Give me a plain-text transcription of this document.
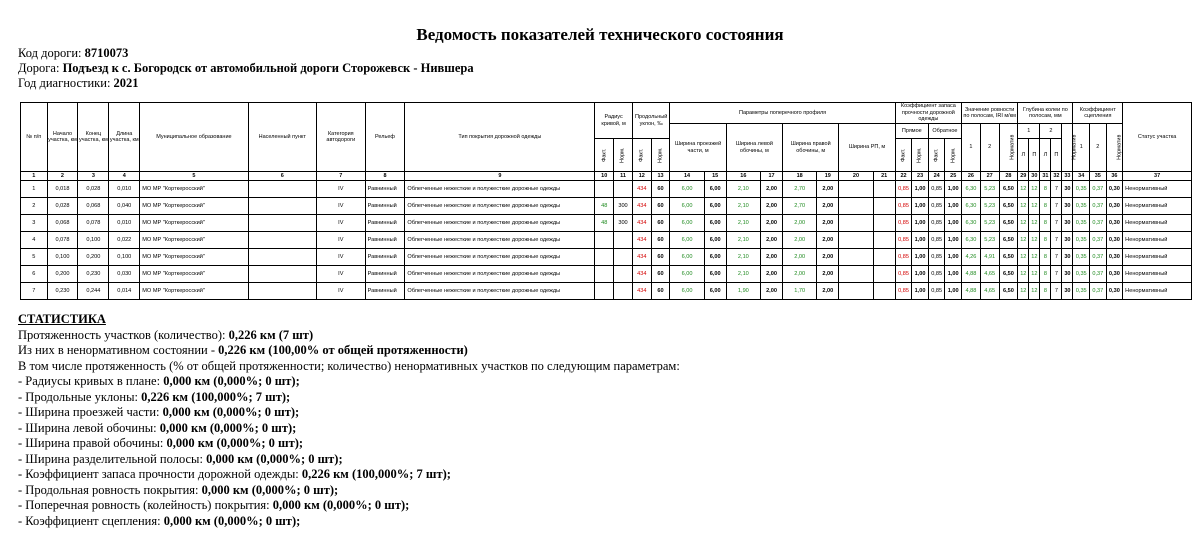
Ведомость показателей технического состояния
Код дороги: 8710073
Дорога: Подъезд к с. Богородск от автомобильной дороги Сторожевск - Нившера
Год диагностики: 2021
№ п/п	Начало участка, км	Конец участка, км	Длина участка, км	Муниципальное образование	Населенный пункт	Категория автодороги	Рельеф	Тип покрытия дорожной одежды	Радиус кривой, м		Продольный уклон, ‰		Параметры поперечного профиля								Коэффициент запаса прочности дорожной одежды				Значение ровности по полосам, IRI м/км			Глубина колеи по полосам, мм					Коэффициент сцепления			Статус участка
													Ширина проезжей части, м		Ширина левой обочины, м		Ширина правой обочины, м		Ширина РП, м		Прямое		Обратное		1	2	Норматив	1		2		Норматив	1	2	Норматив	
									Факт.	Норм.	Факт.	Норм.									Факт.	Норм.	Факт.	Норм.				Л	П	Л	П					
1	2	3	4	5	6	7	8	9	10	11	12	13	14	15	16	17	18	19	20	21	22	23	24	25	26	27	28	29	30	31	32	33	34	35	36	37
1	0,018	0,028	0,010	МО МР "Корткеросский"		IV	Равнинный	Облегченные нежесткие и полужесткие дорожные одежды			434	60	6,00	6,00	2,10	2,00	2,70	2,00			0,85	1,00	0,85	1,00	6,30	5,23	6,50	12	12	8	7	30	0,35	0,37	0,30	Ненормативный
2	0,028	0,068	0,040	МО МР "Корткеросский"		IV	Равнинный	Облегченные нежесткие и полужесткие дорожные одежды	48	300	434	60	6,00	6,00	2,10	2,00	2,70	2,00			0,85	1,00	0,85	1,00	6,30	5,23	6,50	12	12	8	7	30	0,35	0,37	0,30	Ненормативный
3	0,068	0,078	0,010	МО МР "Корткеросский"		IV	Равнинный	Облегченные нежесткие и полужесткие дорожные одежды	48	300	434	60	6,00	6,00	2,10	2,00	2,00	2,00			0,85	1,00	0,85	1,00	6,30	5,23	6,50	12	12	8	7	30	0,35	0,37	0,30	Ненормативный
4	0,078	0,100	0,022	МО МР "Корткеросский"		IV	Равнинный	Облегченные нежесткие и полужесткие дорожные одежды			434	60	6,00	6,00	2,10	2,00	2,00	2,00			0,85	1,00	0,85	1,00	6,30	5,23	6,50	12	12	8	7	30	0,35	0,37	0,30	Ненормативный
5	0,100	0,200	0,100	МО МР "Корткеросский"		IV	Равнинный	Облегченные нежесткие и полужесткие дорожные одежды			434	60	6,00	6,00	2,10	2,00	2,00	2,00			0,85	1,00	0,85	1,00	4,26	4,91	6,50	12	12	8	7	30	0,35	0,37	0,30	Ненормативный
6	0,200	0,230	0,030	МО МР "Корткеросский"		IV	Равнинный	Облегченные нежесткие и полужесткие дорожные одежды			434	60	6,00	6,00	2,10	2,00	2,00	2,00			0,85	1,00	0,85	1,00	4,88	4,65	6,50	12	12	8	7	30	0,35	0,37	0,30	Ненормативный
7	0,230	0,244	0,014	МО МР "Корткеросский"		IV	Равнинный	Облегченные нежесткие и полужесткие дорожные одежды			434	60	6,00	6,00	1,90	2,00	1,70	2,00			0,85	1,00	0,85	1,00	4,88	4,65	6,50	12	12	8	7	30	0,35	0,37	0,30	Ненормативный
СТАТИСТИКА
Протяженность участков (количество): 0,226 км (7 шт)
Из них в ненормативном состоянии - 0,226 км (100,00% от общей протяженности)
В том числе протяженность (% от общей протяженности; количество) ненормативных участков по следующим параметрам:
- Радиусы кривых в плане: 0,000 км (0,000%; 0 шт);
- Продольные уклоны: 0,226 км (100,000%; 7 шт);
- Ширина проезжей части: 0,000 км (0,000%; 0 шт);
- Ширина левой обочины: 0,000 км (0,000%; 0 шт);
- Ширина правой обочины: 0,000 км (0,000%; 0 шт);
- Ширина разделительной полосы: 0,000 км (0,000%; 0 шт);
- Коэффициент запаса прочности дорожной одежды: 0,226 км (100,000%; 7 шт);
- Продольная ровность покрытия: 0,000 км (0,000%; 0 шт);
- Поперечная ровность (колейность) покрытия: 0,000 км (0,000%; 0 шт);
- Коэффициент сцепления: 0,000 км (0,000%; 0 шт);
